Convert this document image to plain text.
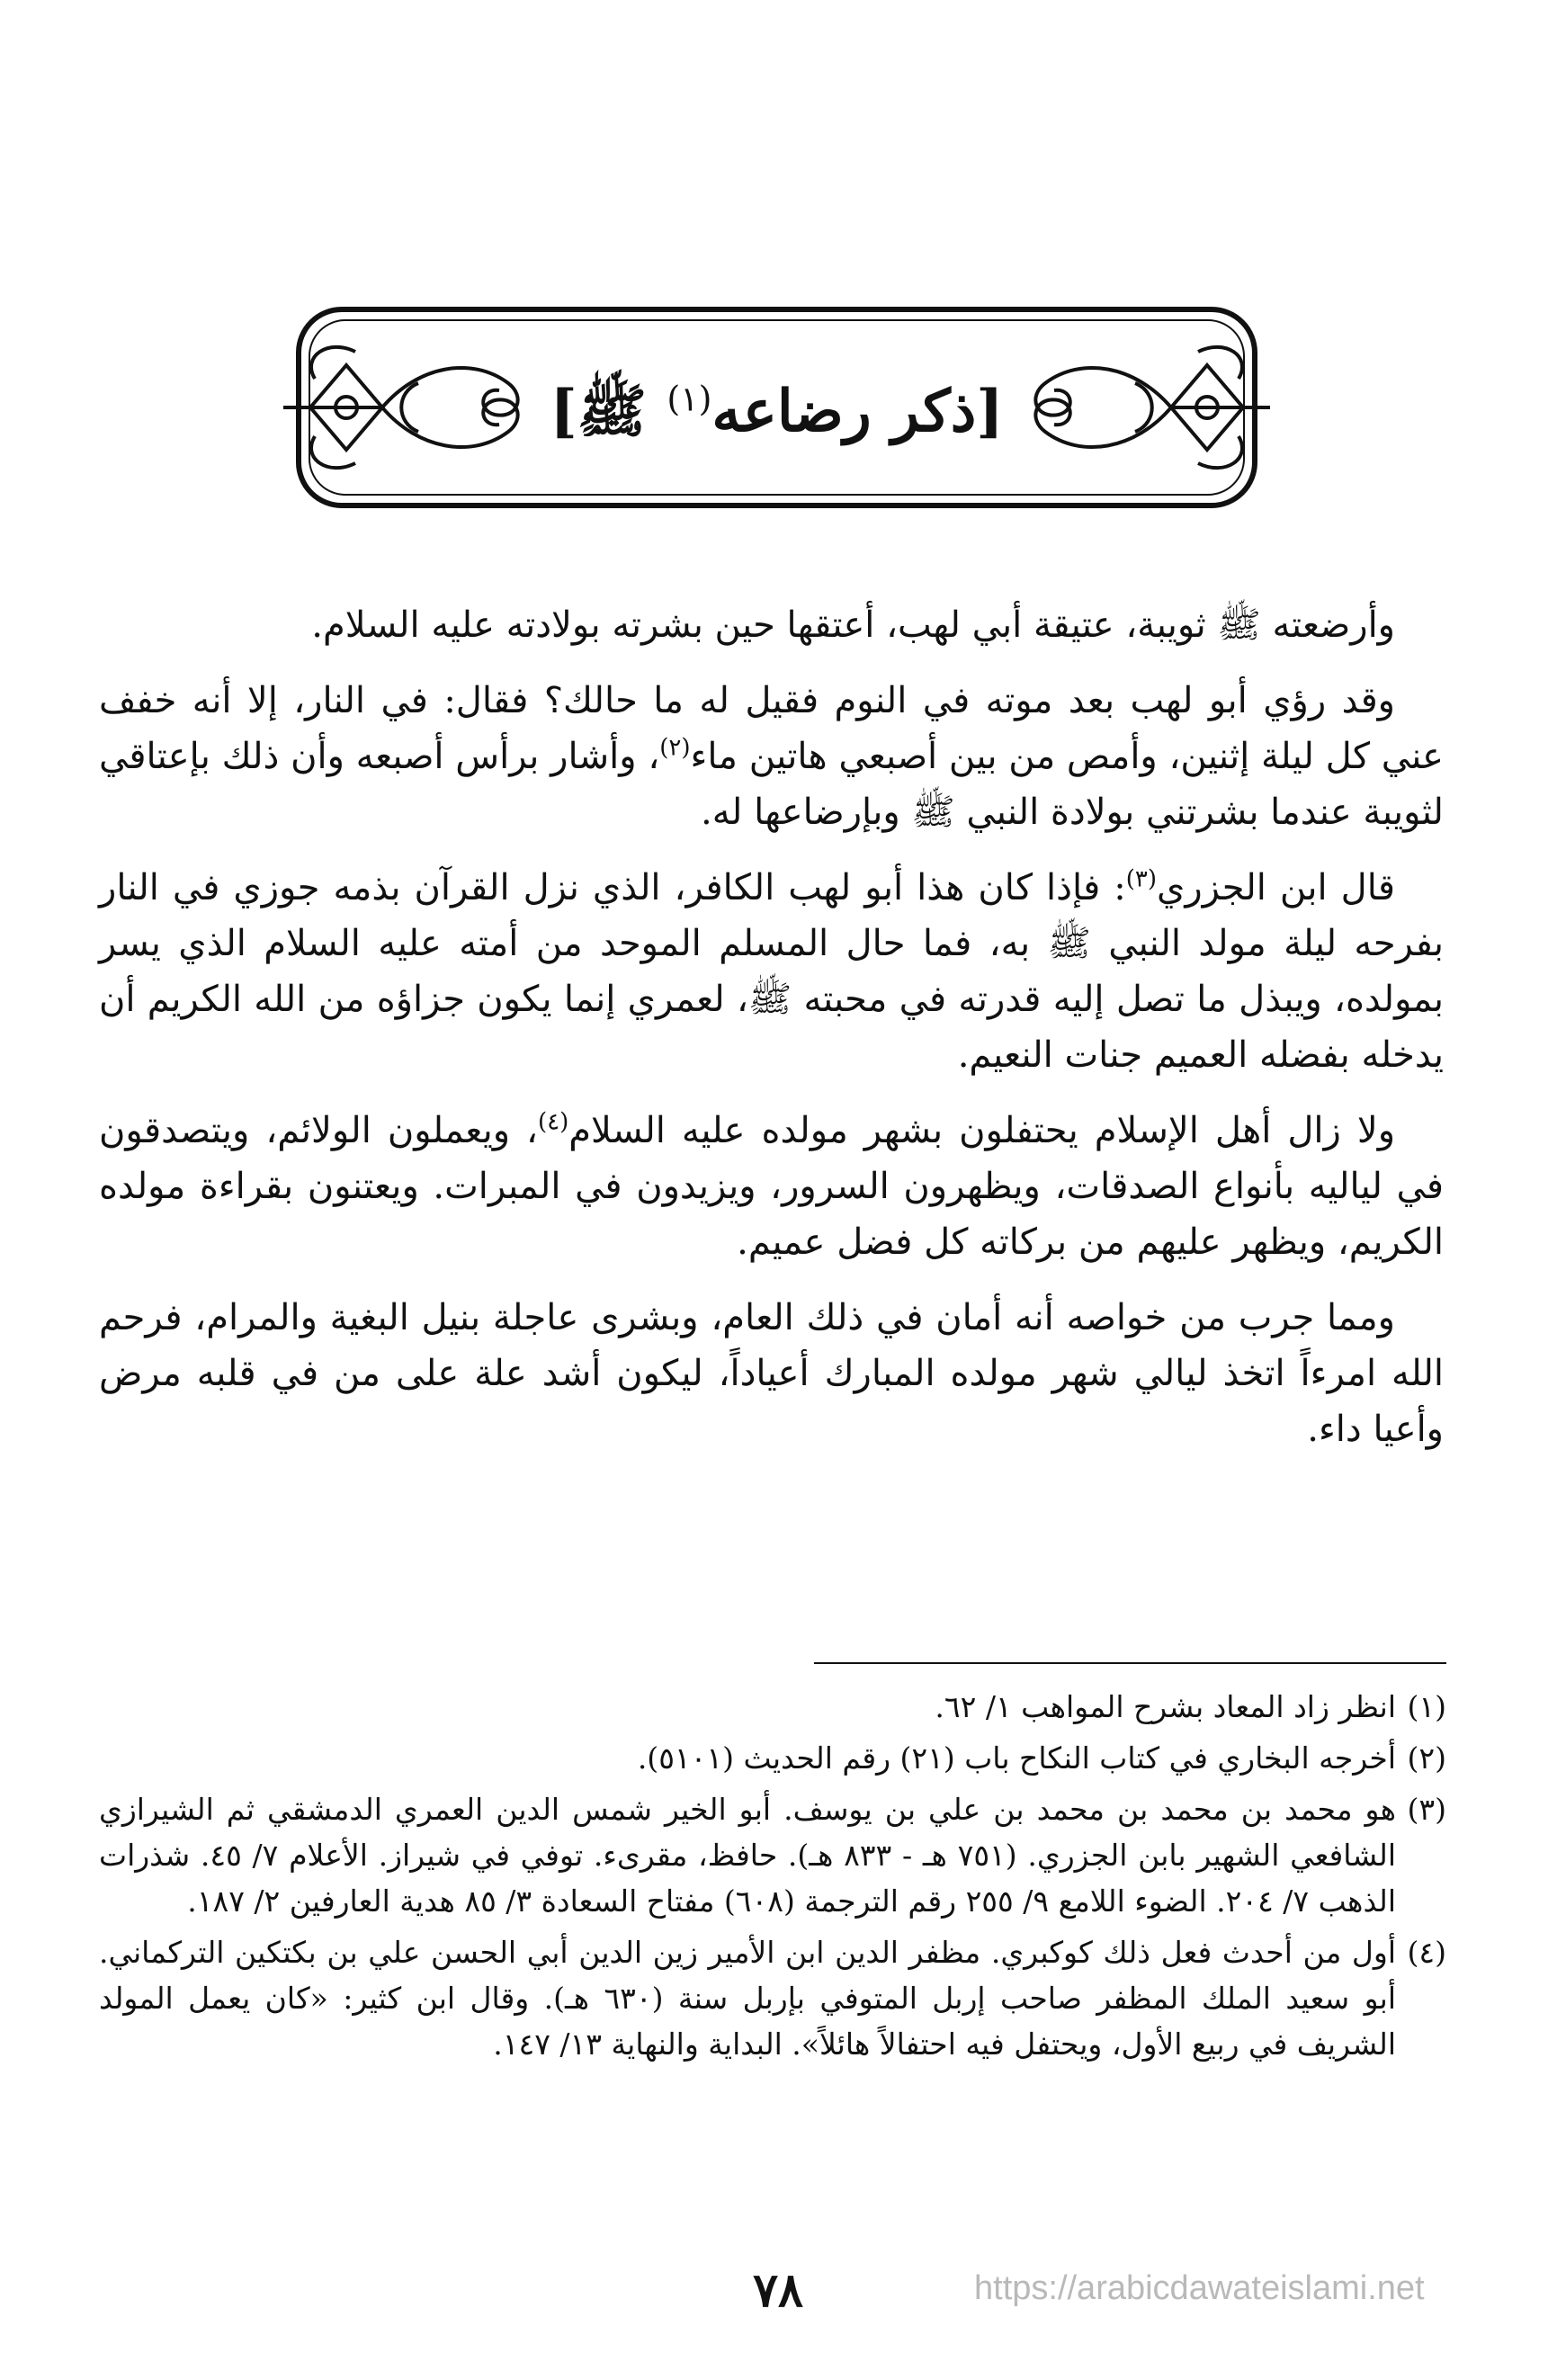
[ذكر رضاعه$^{(١)}$ ﷺ]

وأرضعته ﷺ ثويبة، عتيقة أبي لهب، أعتقها حين بشرته بولادته عليه السلام.

وقد رؤي أبو لهب بعد موته في النوم فقيل له ما حالك؟ فقال: في النار، إلا أنه خفف عني كل ليلة إثنين، وأمص من بين أصبعي هاتين ماء$^{(٢)}$، وأشار برأس أصبعه وأن ذلك بإعتاقي لثويبة عندما بشرتني بولادة النبي ﷺ وبإرضاعها له.

قال ابن الجزري$^{(٣)}$: فإذا كان هذا أبو لهب الكافر، الذي نزل القرآن بذمه جوزي في النار بفرحه ليلة مولد النبي ﷺ به، فما حال المسلم الموحد من أمته عليه السلام الذي يسر بمولده، ويبذل ما تصل إليه قدرته في محبته ﷺ، لعمري إنما يكون جزاؤه من الله الكريم أن يدخله بفضله العميم جنات النعيم.

ولا زال أهل الإسلام يحتفلون بشهر مولده عليه السلام$^{(٤)}$، ويعملون الولائم، ويتصدقون في لياليه بأنواع الصدقات، ويظهرون السرور، ويزيدون في المبرات. ويعتنون بقراءة مولده الكريم، ويظهر عليهم من بركاته كل فضل عميم.

ومما جرب من خواصه أنه أمان في ذلك العام، وبشرى عاجلة بنيل البغية والمرام، فرحم الله امرءاً اتخذ ليالي شهر مولده المبارك أعياداً، ليكون أشد علة على من في قلبه مرض وأعيا داء.

(١)
انظر زاد المعاد بشرح المواهب ١/ ٦٢.
(٢)
أخرجه البخاري في كتاب النكاح باب (٢١) رقم الحديث (٥١٠١).
(٣)
هو محمد بن محمد بن محمد بن علي بن يوسف. أبو الخير شمس الدين العمري الدمشقي ثم الشيرازي الشافعي الشهير بابن الجزري. (٧٥١ هـ - ٨٣٣ هـ). حافظ، مقرىء. توفي في شيراز. الأعلام ٧/ ٤٥. شذرات الذهب ٧/ ٢٠٤. الضوء اللامع ٩/ ٢٥٥ رقم الترجمة (٦٠٨) مفتاح السعادة ٣/ ٨٥ هدية العارفين ٢/ ١٨٧.
(٤)
أول من أحدث فعل ذلك كوكبري. مظفر الدين ابن الأمير زين الدين أبي الحسن علي بن بكتكين التركماني. أبو سعيد الملك المظفر صاحب إربل المتوفي بإربل سنة (٦٣٠ هـ). وقال ابن كثير: «كان يعمل المولد الشريف في ربيع الأول، ويحتفل فيه احتفالاً هائلاً». البداية والنهاية ١٣/ ١٤٧.
٧٨	https://arabicdawateislami.net
